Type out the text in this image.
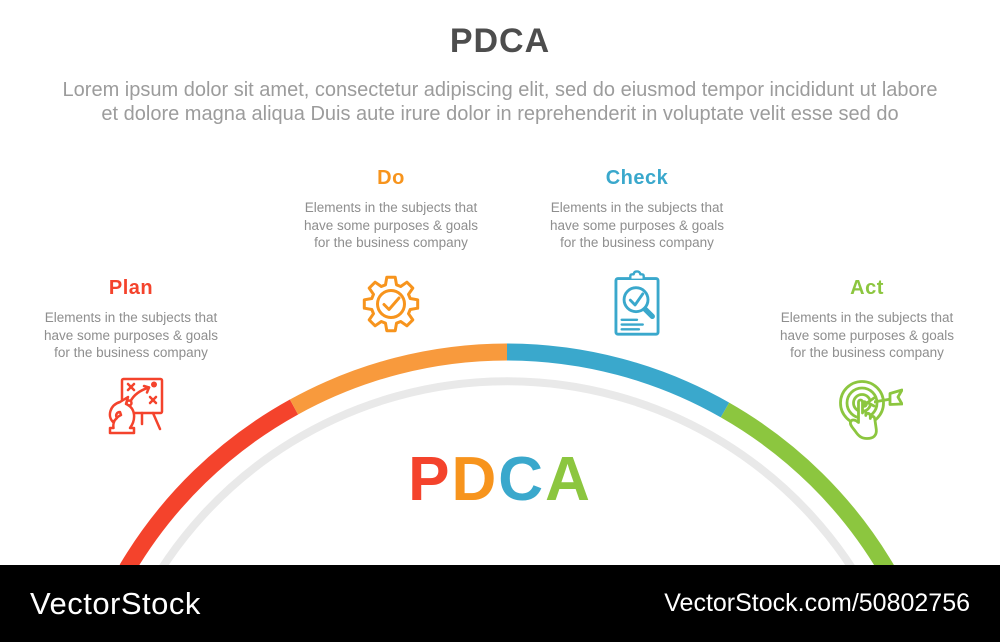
PDCA
Lorem ipsum dolor sit amet, consectetur adipiscing elit, sed do eiusmod tempor incididunt ut labore
et dolore magna aliqua Duis aute irure dolor in reprehenderit in voluptate velit esse sed do
Plan
Elements in the subjects that
have some purposes & goals
for the business company
Do
Elements in the subjects that
have some purposes & goals
for the business company
Check
Elements in the subjects that
have some purposes & goals
for the business company
Act
Elements in the subjects that
have some purposes & goals
for the business company
PDCA
VectorStock	VectorStock.com/50802756
